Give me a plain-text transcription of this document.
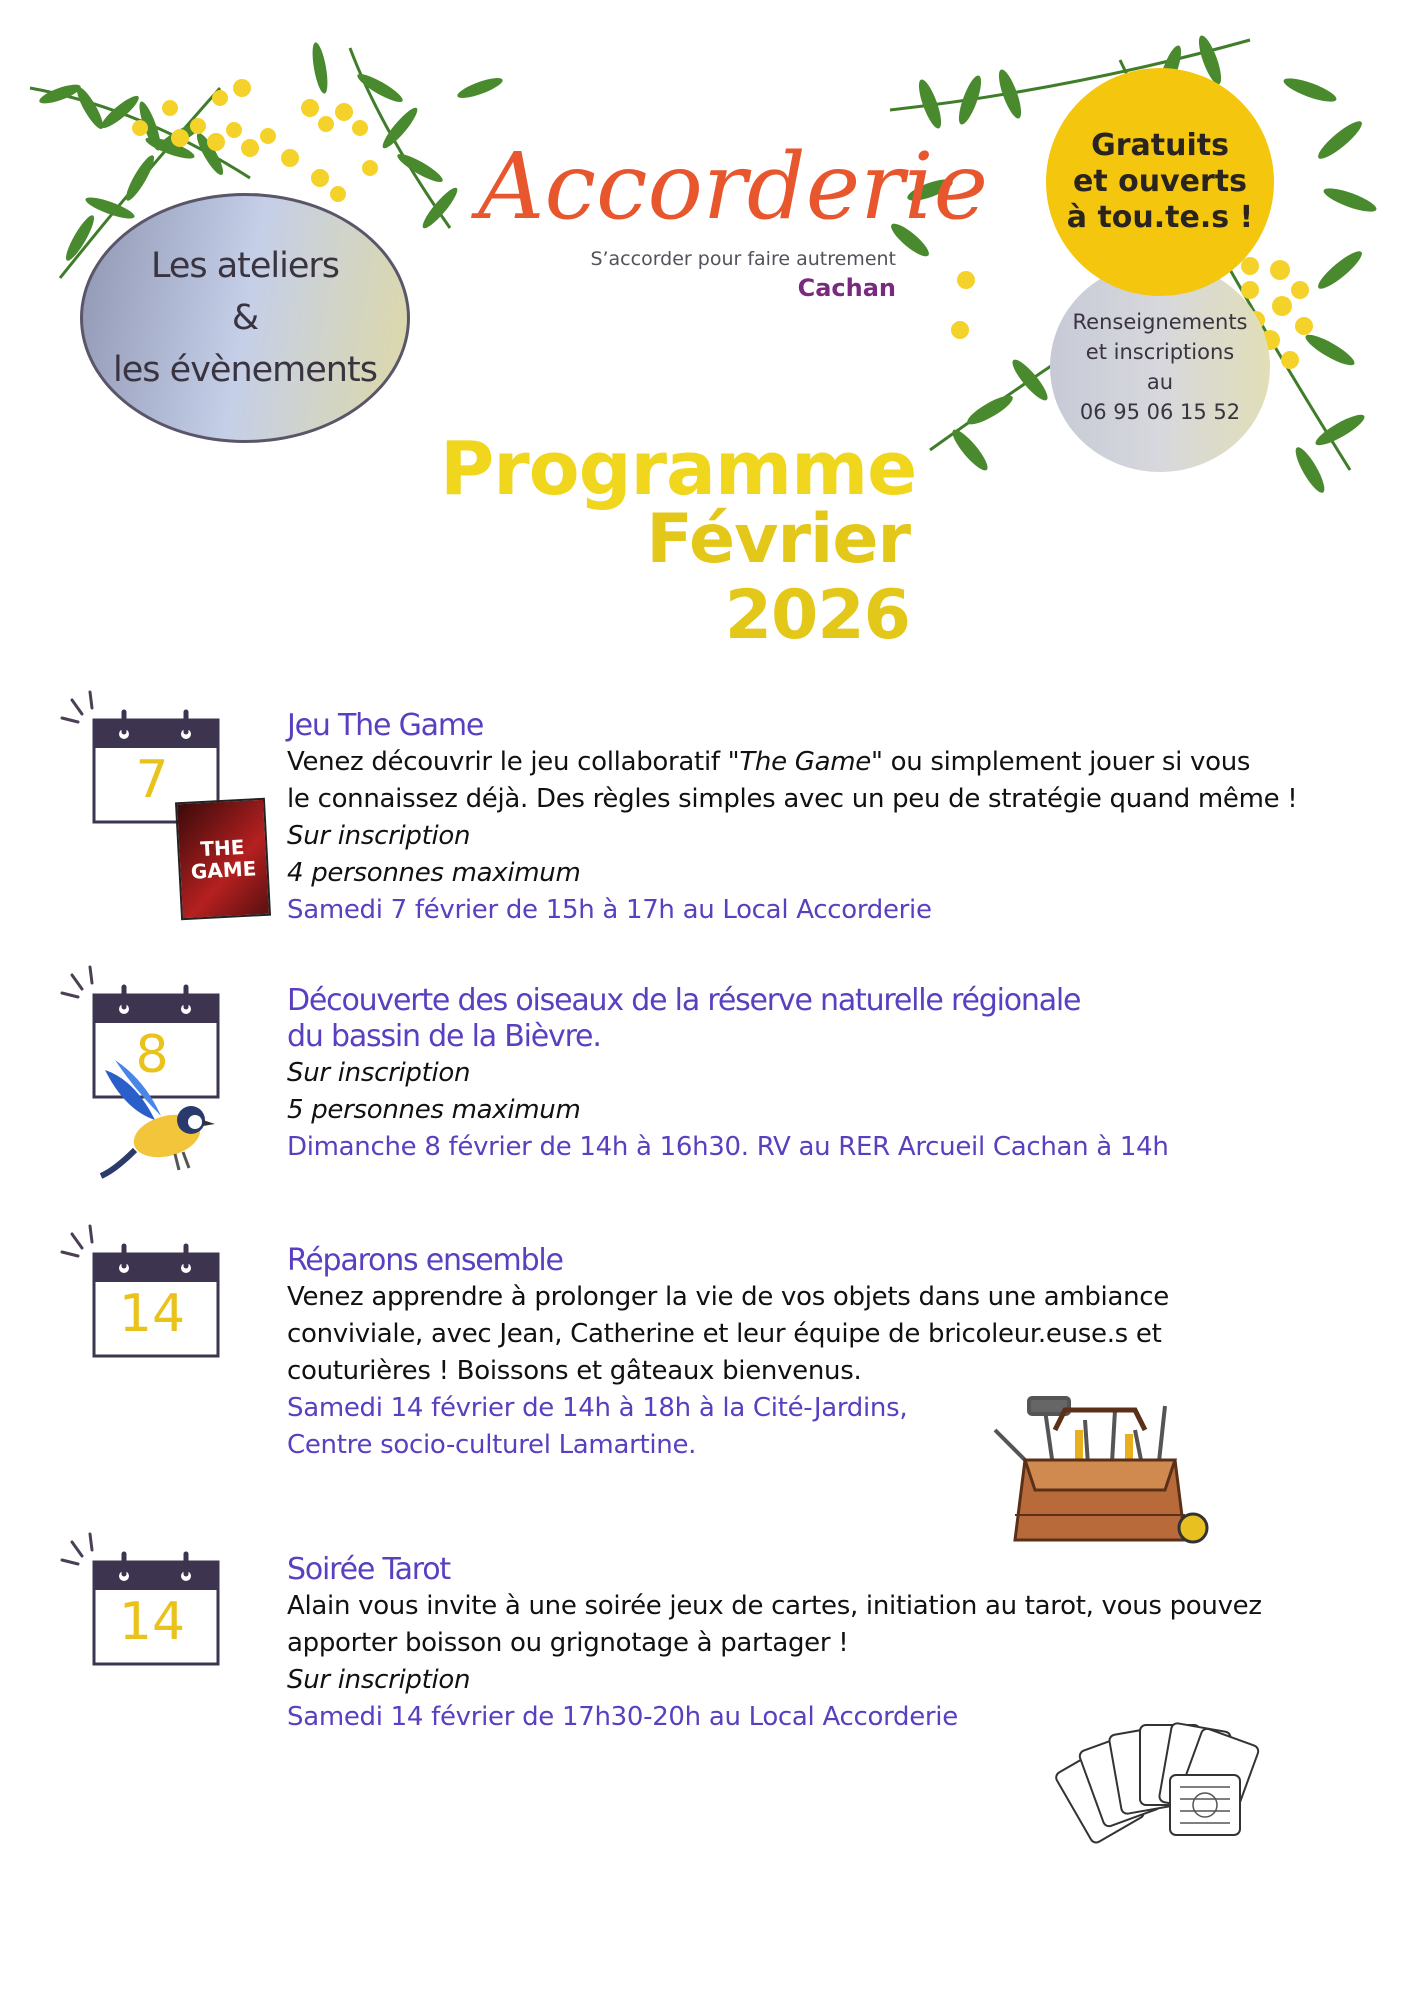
Les ateliers
&
les évènements
Accorderie
S’accorder pour faire autrement
Cachan
Renseignements
et inscriptions
au
06 95 06 15 52
Gratuits
et ouverts
à tou.te.s !
Programme
Février 2026
7
THE GAME
Jeu The Game
Venez découvrir le jeu collaboratif "The Game" ou simplement jouer si vous
le connaissez déjà. Des règles simples avec un peu de stratégie quand même !
Sur inscription
4 personnes maximum
Samedi 7 février de 15h à 17h au Local Accorderie
8
Découverte des oiseaux de la réserve naturelle régionale
du bassin de la Bièvre.
Sur inscription
5 personnes maximum
Dimanche 8 février de 14h à 16h30. RV au RER Arcueil Cachan à 14h
14
Réparons ensemble
Venez apprendre à prolonger la vie de vos objets dans une ambiance
conviviale, avec Jean, Catherine et leur équipe de bricoleur.euse.s et
couturières ! Boissons et gâteaux bienvenus.
Samedi 14 février de 14h à 18h à la Cité-Jardins,
Centre socio-culturel Lamartine.
14
Soirée Tarot
Alain vous invite à une soirée jeux de cartes, initiation au tarot, vous pouvez
apporter boisson ou grignotage à partager !
Sur inscription
Samedi 14 février de 17h30-20h au Local Accorderie
